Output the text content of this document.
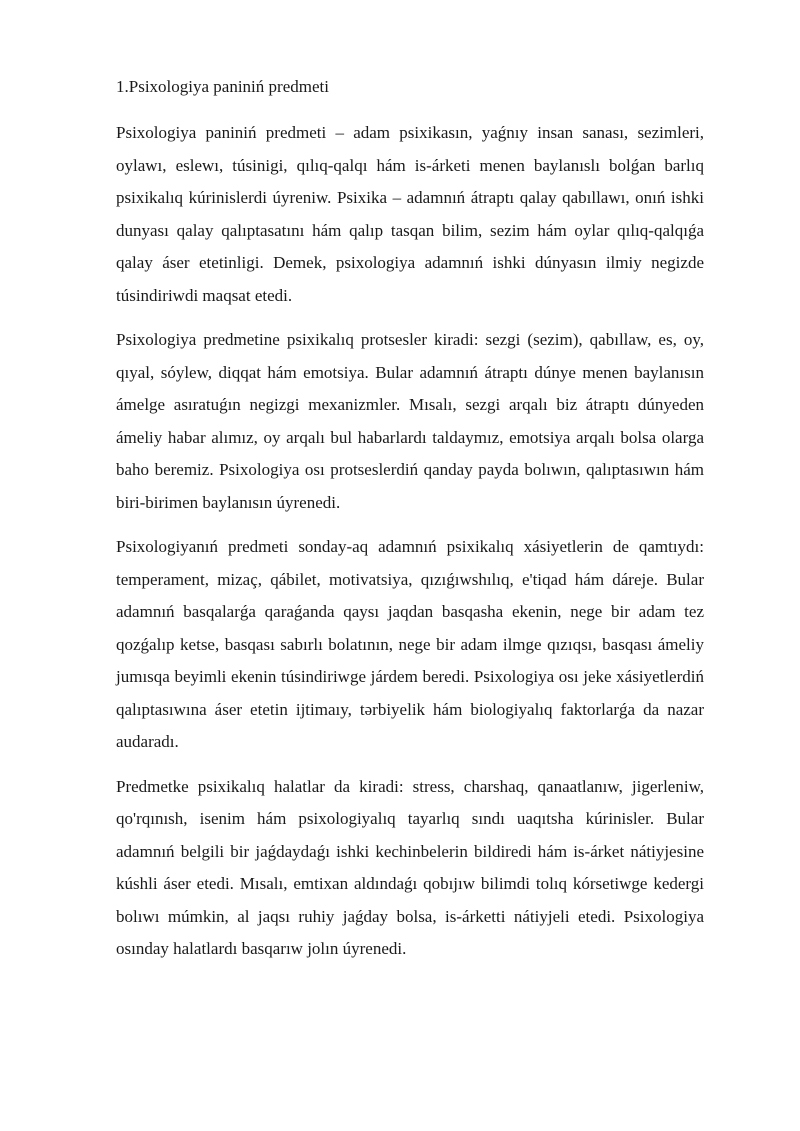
1.Psixologiya paniniń predmeti

Psixologiya paniniń predmeti – adam psixikasın, yaǵnıy insan sanası, sezimleri, oylawı, eslewı, túsinigi, qılıq-qalqı hám is-árketi menen baylanıslı bolǵan barlıq psixikalıq kúrinislerdi úyreniw. Psixika – adamnıń átraptı qalay qabıllawı, onıń ishki dunyası qalay qalıptasatını hám qalıp tasqan bilim, sezim hám oylar qılıq-qalqıǵa qalay áser etetinligi. Demek, psixologiya adamnıń ishki dúnyasın ilmiy negizde túsindiriwdi maqsat etedi.

Psixologiya predmetine psixikalıq protsesler kiradi: sezgi (sezim), qabıllaw, es, oy, qıyal, sóylew, diqqat hám emotsiya. Bular adamnıń átraptı dúnye menen baylanısın ámelge asıratuǵın negizgi mexanizmler. Mısalı, sezgi arqalı biz átraptı dúnyeden ámeliy habar alımız, oy arqalı bul habarlardı taldaymız, emotsiya arqalı bolsa olarga baho beremiz. Psixologiya osı protseslerdiń qanday payda bolıwın, qalıptasıwın hám biri-birimen baylanısın úyrenedi.

Psixologiyanıń predmeti sonday-aq adamnıń psixikalıq xásiyetlerin de qamtıydı: temperament, mizaç, qábilet, motivatsiya, qızıǵıwshılıq, e'tiqad hám dáreje. Bular adamnıń basqalarǵa qaraǵanda qaysı jaqdan basqasha ekenin, nege bir adam tez qozǵalıp ketse, basqası sabırlı bolatının, nege bir adam ilmge qızıqsı, basqası ámeliy jumısqa beyimli ekenin túsindiriwge járdem beredi. Psixologiya osı jeke xásiyetlerdiń qalıptasıwına áser etetin ijtimaıy, tərbiyelik hám biologiyalıq faktorlarǵa da nazar audaradı.

Predmetke psixikalıq halatlar da kiradi: stress, charshaq, qanaatlanıw, jigerleniw, qo'rqınısh, isenim hám psixologiyalıq tayarlıq sındı uaqıtsha kúrinisler. Bular adamnıń belgili bir jaǵdaydaǵı ishki kechinbelerin bildiredi hám is-árket nátiyjesine kúshli áser etedi. Mısalı, emtixan aldındaǵı qobıjıw bilimdi tolıq kórsetiwge kedergi bolıwı múmkin, al jaqsı ruhiy jaǵday bolsa, is-árketti nátiyjeli etedi. Psixologiya osınday halatlardı basqarıw jolın úyrenedi.
